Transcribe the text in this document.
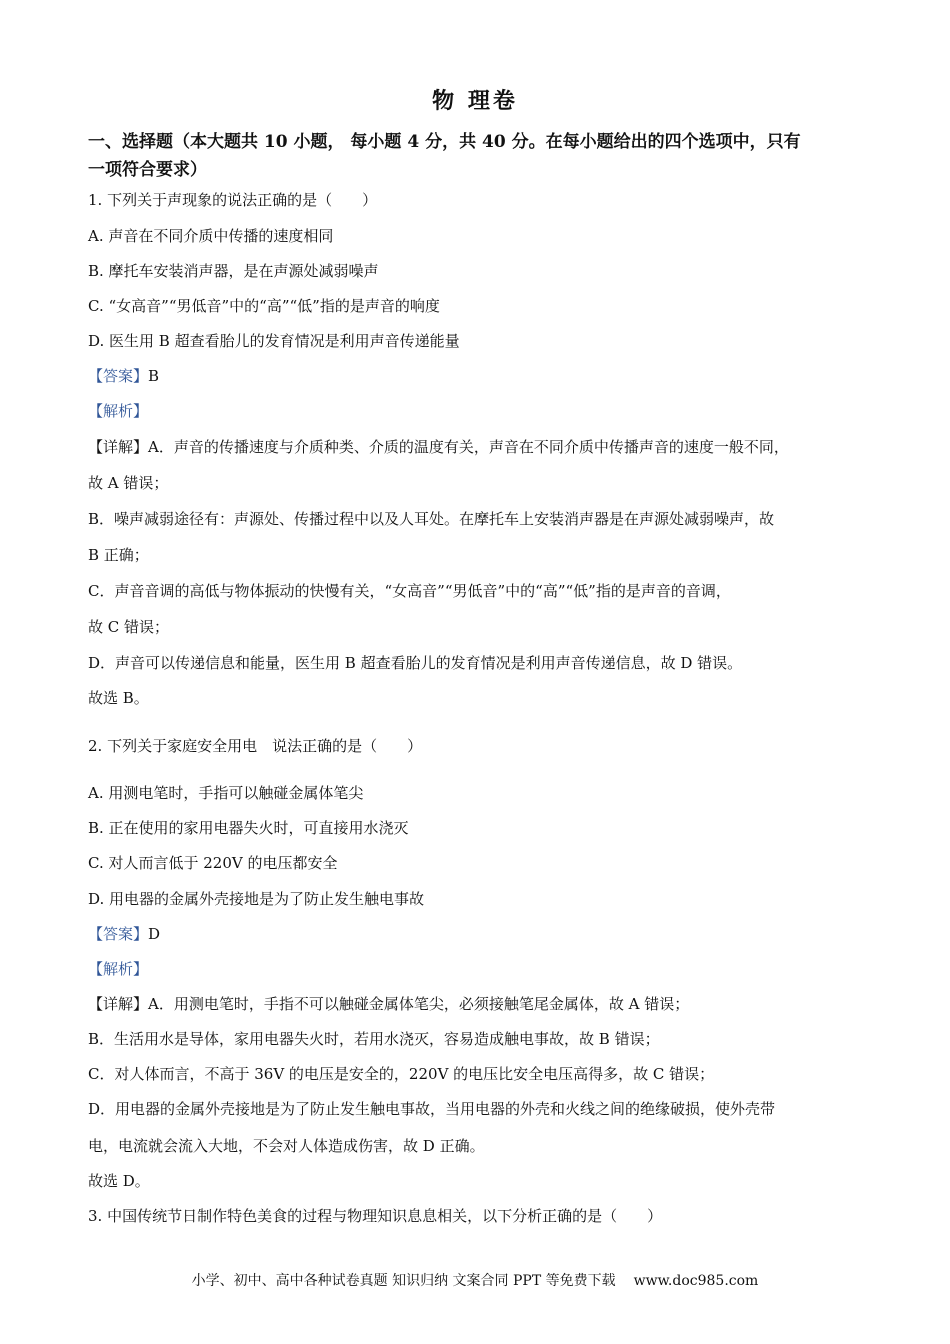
物 理卷
一、选择题（本大题共 10 小题， 每小题 4 分，共 40 分。在每小题给出的四个选项中，只有
一项符合要求）
1. 下列关于声现象的说法正确的是（　　）
A. 声音在不同介质中传播的速度相同
B. 摩托车安装消声器，是在声源处减弱噪声
C. “女高音”“男低音”中的“高”“低”指的是声音的响度
D. 医生用 B 超查看胎儿的发育情况是利用声音传递能量
【答案】B
【解析】
【详解】A．声音的传播速度与介质种类、介质的温度有关，声音在不同介质中传播声音的速度一般不同，
故 A 错误；
B．噪声减弱途径有：声源处、传播过程中以及人耳处。在摩托车上安装消声器是在声源处减弱噪声，故
B 正确；
C．声音音调的高低与物体振动的快慢有关，“女高音”“男低音”中的“高”“低”指的是声音的音调，
故 C 错误；
D．声音可以传递信息和能量，医生用 B 超查看胎儿的发育情况是利用声音传递信息，故 D 错误。
故选 B。
2. 下列关于家庭安全用电　说法正确的是（　　）
A. 用测电笔时，手指可以触碰金属体笔尖
B. 正在使用的家用电器失火时，可直接用水浇灭
C. 对人而言低于 220V 的电压都安全
D. 用电器的金属外壳接地是为了防止发生触电事故
【答案】D
【解析】
【详解】A．用测电笔时，手指不可以触碰金属体笔尖，必须接触笔尾金属体，故 A 错误；
B．生活用水是导体，家用电器失火时，若用水浇灭，容易造成触电事故，故 B 错误；
C．对人体而言，不高于 36V 的电压是安全的，220V 的电压比安全电压高得多，故 C 错误；
D．用电器的金属外壳接地是为了防止发生触电事故，当用电器的外壳和火线之间的绝缘破损，使外壳带
电，电流就会流入大地，不会对人体造成伤害，故 D 正确。
故选 D。
3. 中国传统节日制作特色美食的过程与物理知识息息相关，以下分析正确的是（　　）
小学、初中、高中各种试卷真题 知识归纳 文案合同 PPT 等免费下载 www.doc985.com
